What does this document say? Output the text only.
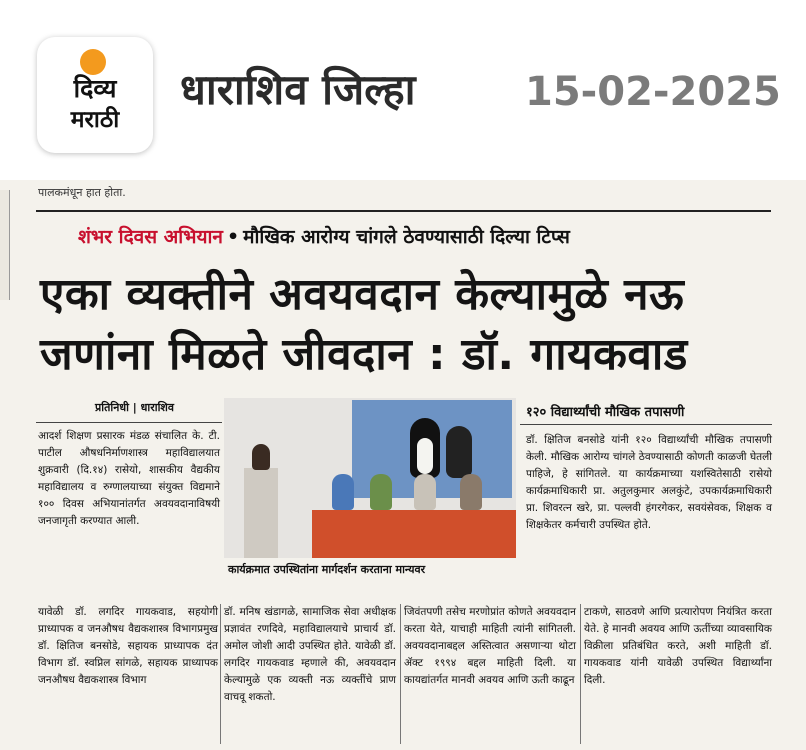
दिव्य
मराठी
धाराशिव जिल्हा	15-02-2025
पालकमंधून हात होता.
शंभर दिवस अभियान • मौखिक आरोग्य चांगले ठेवण्यासाठी दिल्या टिप्स
एका व्यक्तीने अवयवदान केल्यामुळे नऊ जणांना मिळते जीवदान : डॉ. गायकवाड
प्रतिनिधी | धाराशिव

आदर्श शिक्षण प्रसारक मंडळ संचालित के. टी. पाटील औषधनिर्माणशास्त्र महाविद्यालयात शुक्रवारी (दि.१४) रासेयो, शासकीय वैद्यकीय महाविद्यालय व रुग्णालयाच्या संयुक्त विद्यमाने १०० दिवस अभियानांतर्गत अवयवदानाविषयी जनजागृती करण्यात आली.

कार्यक्रमात उपस्थितांना मार्गदर्शन करताना मान्यवर
१२० विद्यार्थ्यांची मौखिक तपासणी

डॉ. क्षितिज बनसोडे यांनी १२० विद्यार्थ्यांची मौखिक तपासणी केली. मौखिक आरोग्य चांगले ठेवण्यासाठी कोणती काळजी घेतली पाहिजे, हे सांगितले. या कार्यक्रमाच्या यशस्वितेसाठी रासेयो कार्यक्रमाधिकारी प्रा. अतुलकुमार अलकुंटे, उपकार्यक्रमाधिकारी प्रा. शिवरत्न खरे, प्रा. पल्लवी हंगरगेकर, सवयंसेवक, शिक्षक व शिक्षकेतर कर्मचारी उपस्थित होते.

यावेळी डॉ. लगदिर गायकवाड, सहयोगी प्राध्यापक व जनऔषध वैद्यकशास्त्र विभागप्रमुख डॉ. क्षितिज बनसोडे, सहायक प्राध्यापक दंत विभाग डॉ. स्वप्निल सांगळे, सहायक प्राध्यापक जनऔषध वैद्यकशास्त्र विभाग

डॉ. मनिष खंडागळे, सामाजिक सेवा अधीक्षक प्रज्ञावंत रणदिवे, महाविद्यालयाचे प्राचार्य डॉ. अमोल जोशी आदी उपस्थित होते. यावेळी डॉ. लगदिर गायकवाड म्हणाले की, अवयवदान केल्यामुळे एक व्यक्ती नऊ व्यक्तींचे प्राण वाचवू शकतो.

जिवंतपणी तसेच मरणोप्रांत कोणते अवयवदान करता येते, याचाही माहिती त्यांनी सांगितली. अवयवदानाबद्दल अस्तित्वात असणाऱ्या थोटा ॲक्ट १९९४ बद्दल माहिती दिली. या कायद्यांतर्गत मानवी अवयव आणि ऊती काढून

टाकणे, साठवणे आणि प्रत्यारोपण नियंत्रित करता येते. हे मानवी अवयव आणि ऊतींच्या व्यावसायिक विक्रीला प्रतिबंधित करते, अशी माहिती डॉ. गायकवाड यांनी यावेळी उपस्थित विद्यार्थ्यांना दिली.
